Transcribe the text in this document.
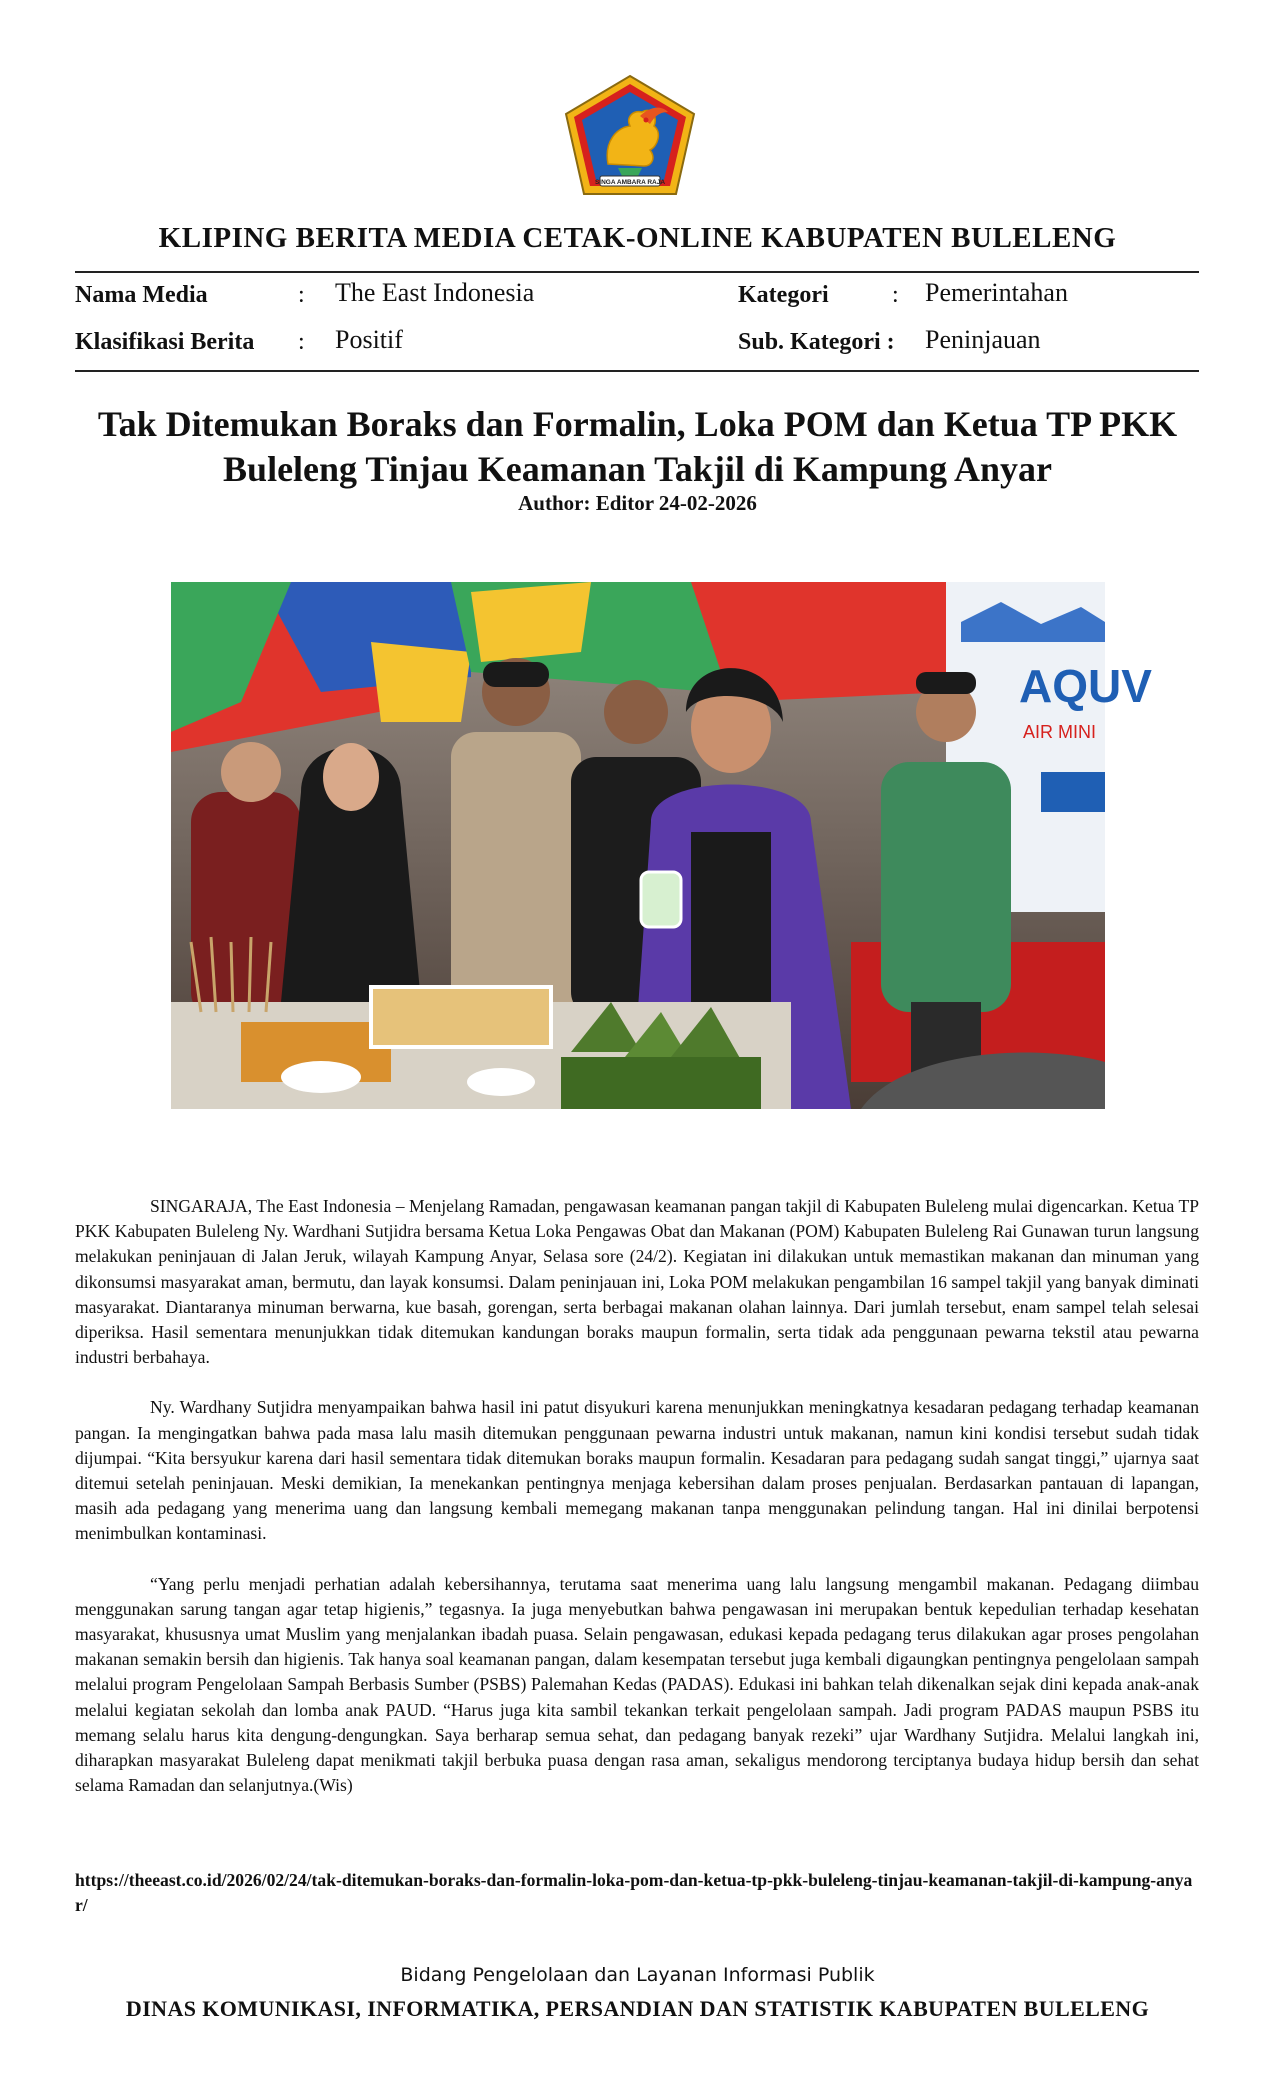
SINGA AMBARA RAJA
KLIPING BERITA MEDIA CETAK-ONLINE KABUPATEN BULELENG
Nama Media	: The East Indonesia	Kategori	: Pemerintahan
Klasifikasi Berita : Positif	Sub. Kategori : Peninjauan
Tak Ditemukan Boraks dan Formalin, Loka POM dan Ketua TP PKK
Buleleng Tinjau Keamanan Takjil di Kampung Anyar
Author: Editor 24-02-2026
AQUV
AIR MINI

SINGARAJA, The East Indonesia – Menjelang Ramadan, pengawasan keamanan pangan takjil di Kabupaten Buleleng mulai digencarkan. Ketua TP PKK Kabupaten Buleleng Ny. Wardhani Sutjidra bersama Ketua Loka Pengawas Obat dan Makanan (POM) Kabupaten Buleleng Rai Gunawan turun langsung melakukan peninjauan di Jalan Jeruk, wilayah Kampung Anyar, Selasa sore (24/2). Kegiatan ini dilakukan untuk memastikan makanan dan minuman yang dikonsumsi masyarakat aman, bermutu, dan layak konsumsi. Dalam peninjauan ini, Loka POM melakukan pengambilan 16 sampel takjil yang banyak diminati masyarakat. Diantaranya minuman berwarna, kue basah, gorengan, serta berbagai makanan olahan lainnya. Dari jumlah tersebut, enam sampel telah selesai diperiksa. Hasil sementara menunjukkan tidak ditemukan kandungan boraks maupun formalin, serta tidak ada penggunaan pewarna tekstil atau pewarna industri berbahaya.

Ny. Wardhany Sutjidra menyampaikan bahwa hasil ini patut disyukuri karena menunjukkan meningkatnya kesadaran pedagang terhadap keamanan pangan. Ia mengingatkan bahwa pada masa lalu masih ditemukan penggunaan pewarna industri untuk makanan, namun kini kondisi tersebut sudah tidak dijumpai. “Kita bersyukur karena dari hasil sementara tidak ditemukan boraks maupun formalin. Kesadaran para pedagang sudah sangat tinggi,” ujarnya saat ditemui setelah peninjauan. Meski demikian, Ia menekankan pentingnya menjaga kebersihan dalam proses penjualan. Berdasarkan pantauan di lapangan, masih ada pedagang yang menerima uang dan langsung kembali memegang makanan tanpa menggunakan pelindung tangan. Hal ini dinilai berpotensi menimbulkan kontaminasi.

“Yang perlu menjadi perhatian adalah kebersihannya, terutama saat menerima uang lalu langsung mengambil makanan. Pedagang diimbau menggunakan sarung tangan agar tetap higienis,” tegasnya. Ia juga menyebutkan bahwa pengawasan ini merupakan bentuk kepedulian terhadap kesehatan masyarakat, khususnya umat Muslim yang menjalankan ibadah puasa. Selain pengawasan, edukasi kepada pedagang terus dilakukan agar proses pengolahan makanan semakin bersih dan higienis. Tak hanya soal keamanan pangan, dalam kesempatan tersebut juga kembali digaungkan pentingnya pengelolaan sampah melalui program Pengelolaan Sampah Berbasis Sumber (PSBS) Palemahan Kedas (PADAS). Edukasi ini bahkan telah dikenalkan sejak dini kepada anak-anak melalui kegiatan sekolah dan lomba anak PAUD. “Harus juga kita sambil tekankan terkait pengelolaan sampah. Jadi program PADAS maupun PSBS itu memang selalu harus kita dengung-dengungkan. Saya berharap semua sehat, dan pedagang banyak rezeki” ujar Wardhany Sutjidra. Melalui langkah ini, diharapkan masyarakat Buleleng dapat menikmati takjil berbuka puasa dengan rasa aman, sekaligus mendorong terciptanya budaya hidup bersih dan sehat selama Ramadan dan selanjutnya.(Wis)

https://theeast.co.id/2026/02/24/tak-ditemukan-boraks-dan-formalin-loka-pom-dan-ketua-tp-pkk-buleleng-tinjau-keamanan-takjil-di-kampung-anyar/
Bidang Pengelolaan dan Layanan Informasi Publik
DINAS KOMUNIKASI, INFORMATIKA, PERSANDIAN DAN STATISTIK KABUPATEN BULELENG
